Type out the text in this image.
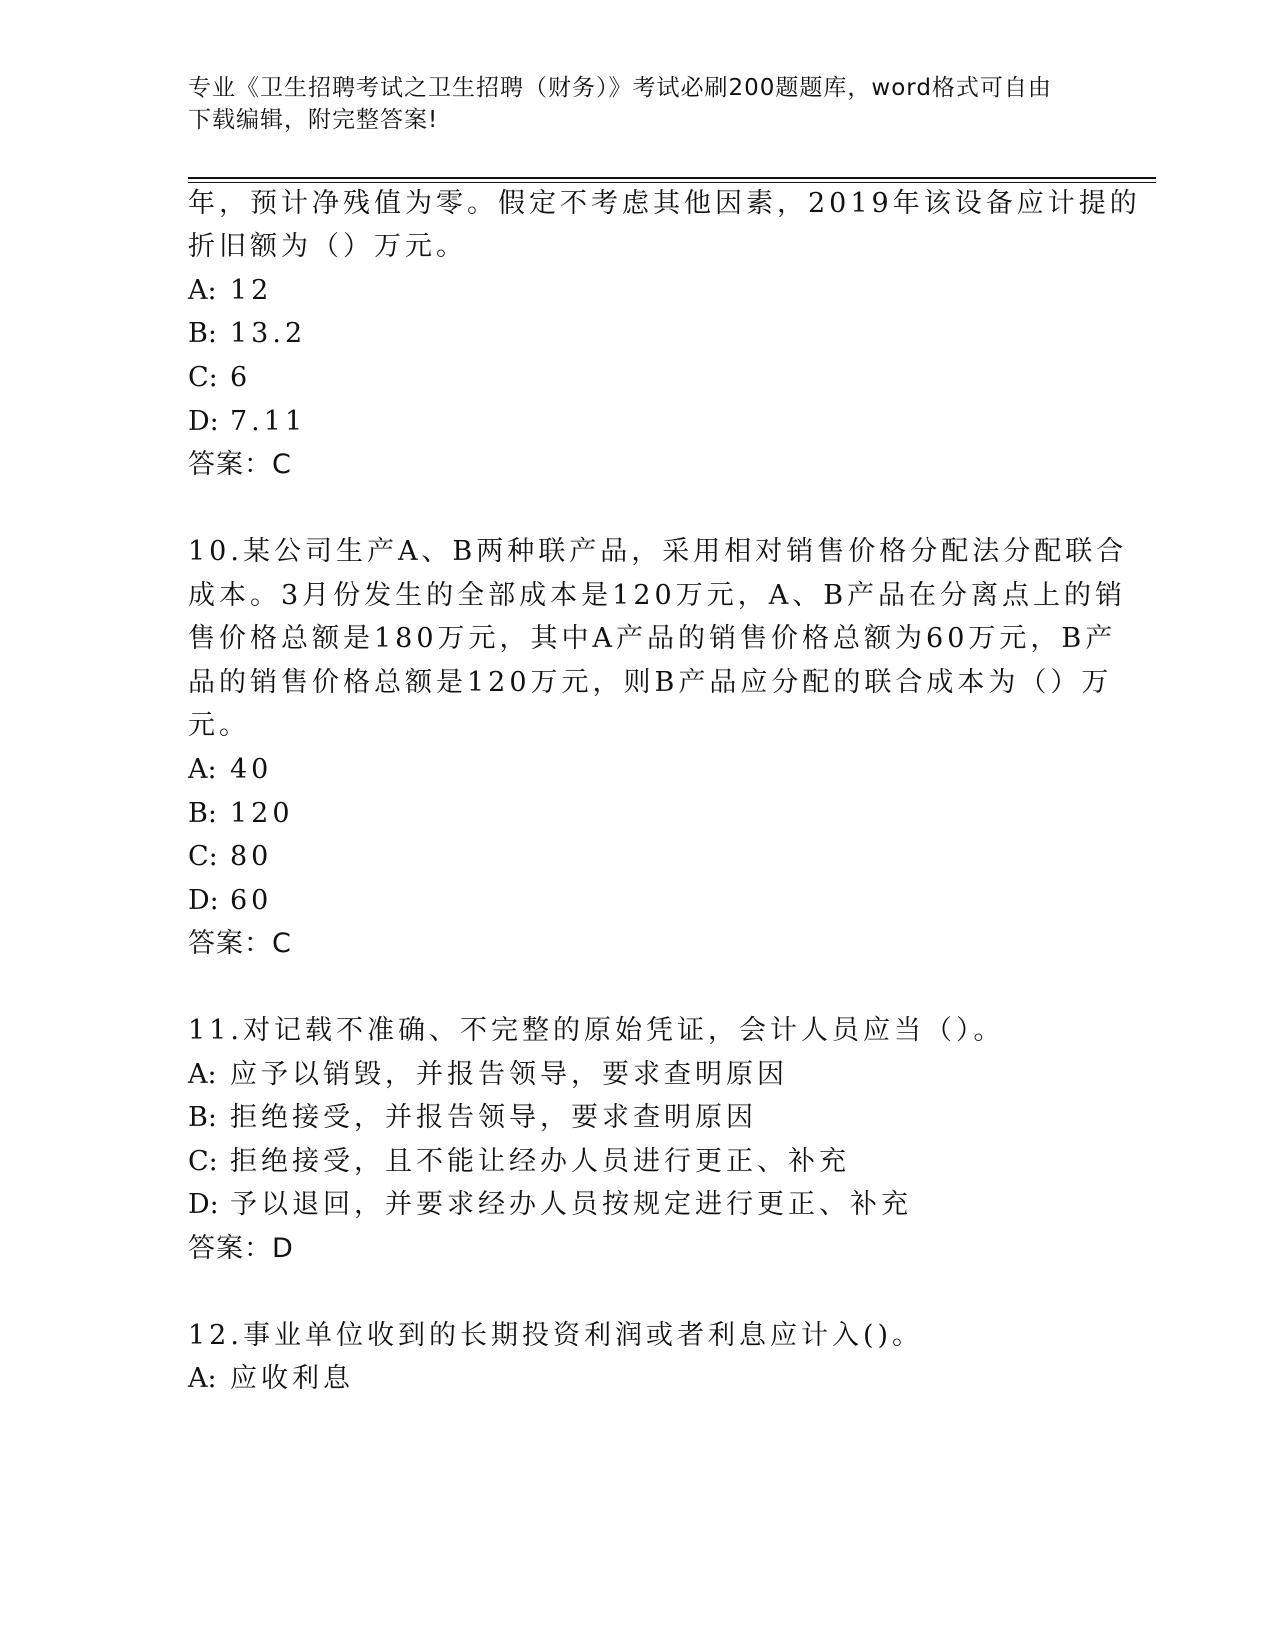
专业《卫生招聘考试之卫生招聘（财务）》考试必刷200题题库，word格式可自由下载编辑，附完整答案!
年，预计净残值为零。假定不考虑其他因素，2019年该设备应计提的
折旧额为（）万元。
A: 12
B: 13.2
C: 6
D: 7.11
答案：C
10.某公司生产A、B两种联产品，采用相对销售价格分配法分配联合
成本。3月份发生的全部成本是120万元，A、B产品在分离点上的销
售价格总额是180万元，其中A产品的销售价格总额为60万元，B产
品的销售价格总额是120万元，则B产品应分配的联合成本为（）万
元。
A: 40
B: 120
C: 80
D: 60
答案：C
11.对记载不准确、不完整的原始凭证，会计人员应当（）。
A: 应予以销毁，并报告领导，要求查明原因
B: 拒绝接受，并报告领导，要求查明原因
C: 拒绝接受，且不能让经办人员进行更正、补充
D: 予以退回，并要求经办人员按规定进行更正、补充
答案：D
12.事业单位收到的长期投资利润或者利息应计入()。
A: 应收利息
